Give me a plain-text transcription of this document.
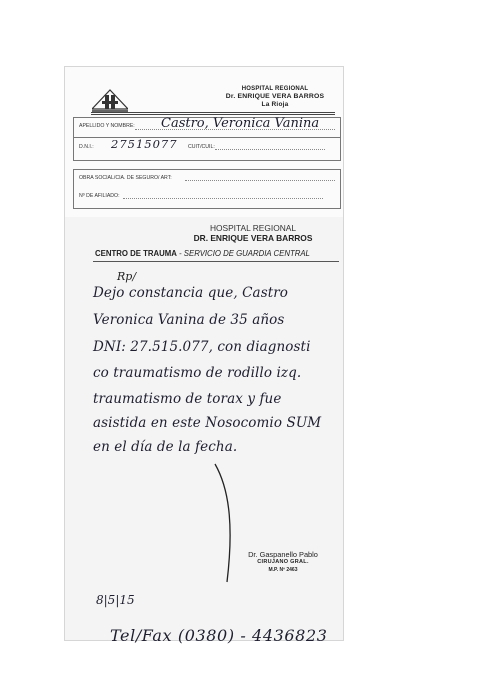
HOSPITAL REGIONAL
Dr. ENRIQUE VERA BARROS
La Rioja
APELLIDO Y NOMBRE: Castro, Veronica Vanina
D.N.I.: 27515077 CUIT/CUIL:
OBRA SOCIAL/CIA. DE SEGURO/ ART:
Nº DE AFILIADO:
HOSPITAL REGIONAL
DR. ENRIQUE VERA BARROS
CENTRO DE TRAUMA - SERVICIO DE GUARDIA CENTRAL
Rp/
Dejo constancia que, Castro
Veronica Vanina de 35 años
DNI: 27.515.077, con diagnosti
co traumatismo de rodillo izq.
traumatismo de torax y fue
asistida en este Nosocomio SUM
en el día de la fecha.
Dr. Gaspanello Pablo
CIRUJANO GRAL.
M.P. Nº 2463
8|5|15
Tel/Fax (0380) - 4436823
